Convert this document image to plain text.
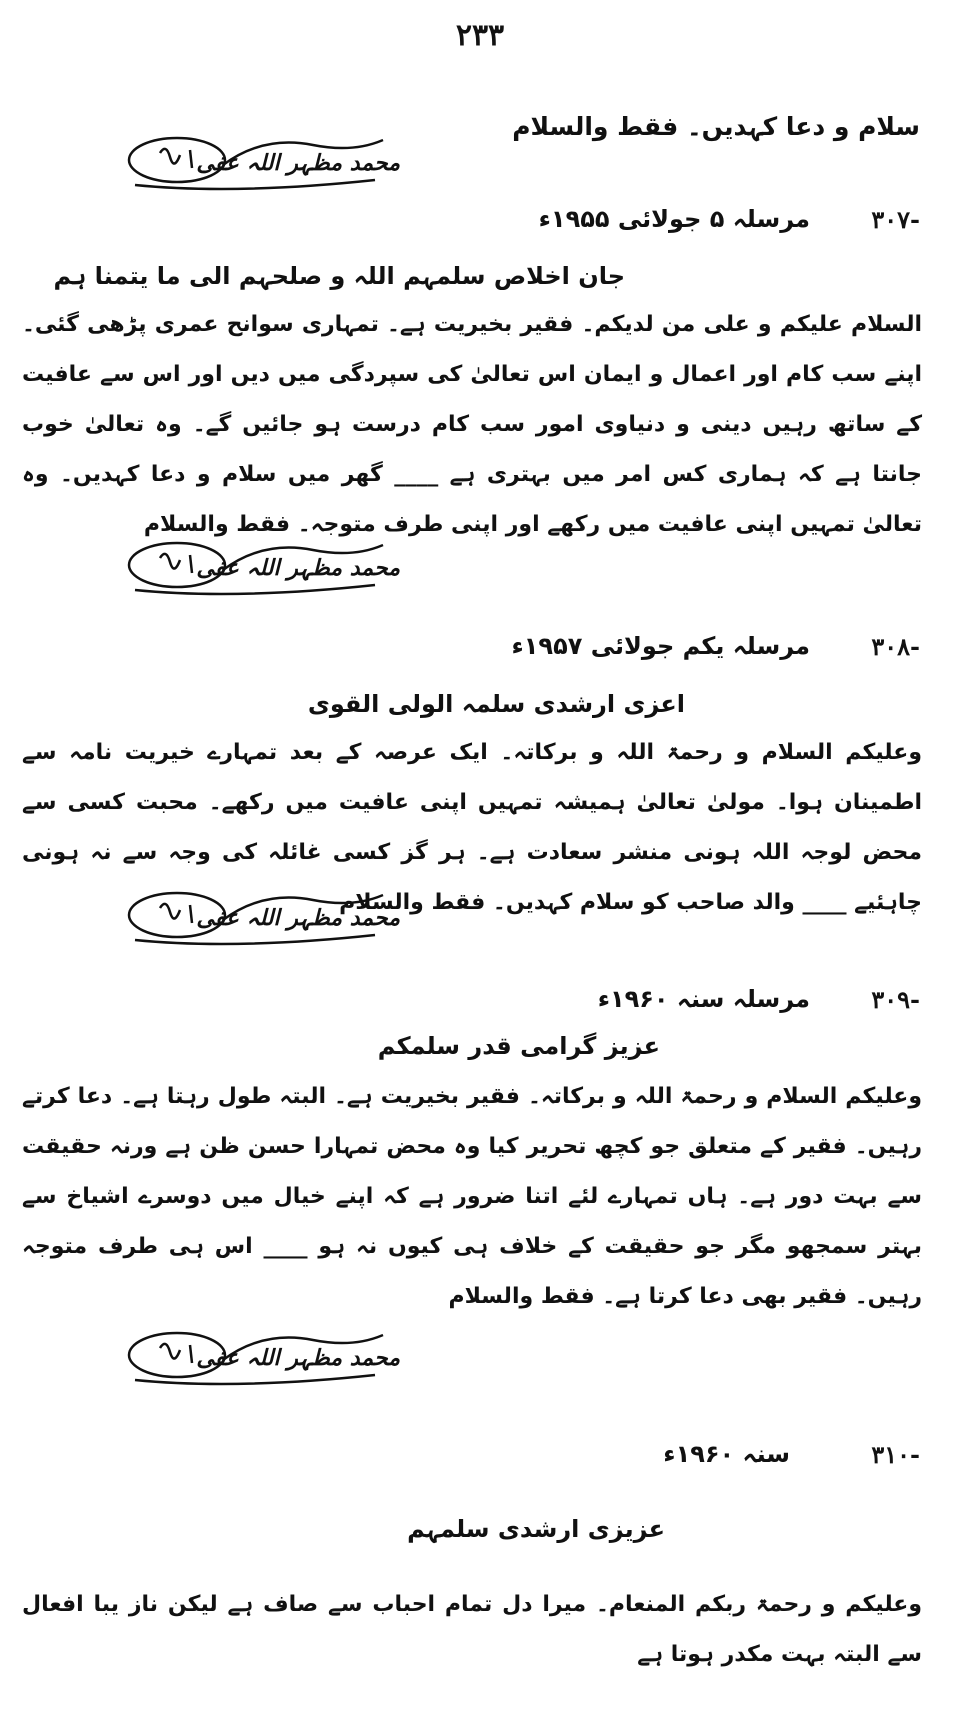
۲۳۳
سلام و دعا کہدیں۔ فقط والسلام
محمد مظہر اللہ عفی
۳۰۷-
مرسلہ ۵ جولائی ۱۹۵۵ء
جان اخلاص سلمہم اللہ و صلحہم الی ما یتمنا ہم
السلام علیکم و علی من لدیکم۔ فقیر بخیریت ہے۔ تمہاری سوانح عمری پڑھی گئی۔ اپنے سب کام اور اعمال و ایمان اس تعالیٰ کی سپردگی میں دیں اور اس سے عافیت کے ساتھ رہیں دینی و دنیاوی امور سب کام درست ہو جائیں گے۔ وہ تعالیٰ خوب جانتا ہے کہ ہماری کس امر میں بہتری ہے ____ گھر میں سلام و دعا کہدیں۔ وہ تعالیٰ تمہیں اپنی عافیت میں رکھے اور اپنی طرف متوجہ۔ فقط والسلام
محمد مظہر اللہ عفی
۳۰۸-
مرسلہ یکم جولائی ۱۹۵۷ء
اعزی ارشدی سلمہ الولی القوی
وعلیکم السلام و رحمۃ اللہ و برکاتہ۔ ایک عرصہ کے بعد تمہارے خیریت نامہ سے اطمینان ہوا۔ مولیٰ تعالیٰ ہمیشہ تمہیں اپنی عافیت میں رکھے۔ محبت کسی سے محض لوجہ اللہ ہونی منشر سعادت ہے۔ ہر گز کسی غائلہ کی وجہ سے نہ ہونی چاہئیے ____ والد صاحب کو سلام کہدیں۔ فقط والسلام
محمد مظہر اللہ عفی
۳۰۹-
مرسلہ سنہ ۱۹۶۰ء
عزیز گرامی قدر سلمکم
وعلیکم السلام و رحمۃ اللہ و برکاتہ۔ فقیر بخیریت ہے۔ البتہ طول رہتا ہے۔ دعا کرتے رہیں۔ فقیر کے متعلق جو کچھ تحریر کیا وہ محض تمہارا حسن ظن ہے ورنہ حقیقت سے بہت دور ہے۔ ہاں تمہارے لئے اتنا ضرور ہے کہ اپنے خیال میں دوسرے اشیاخ سے بہتر سمجھو مگر جو حقیقت کے خلاف ہی کیوں نہ ہو ____ اس ہی طرف متوجہ رہیں۔ فقیر بھی دعا کرتا ہے۔ فقط والسلام
محمد مظہر اللہ عفی
۳۱۰-
سنہ ۱۹۶۰ء
عزیزی ارشدی سلمہم
وعلیکم و رحمۃ ربکم المنعام۔ میرا دل تمام احباب سے صاف ہے لیکن ناز یبا افعال سے البتہ بہت مکدر ہوتا ہے
